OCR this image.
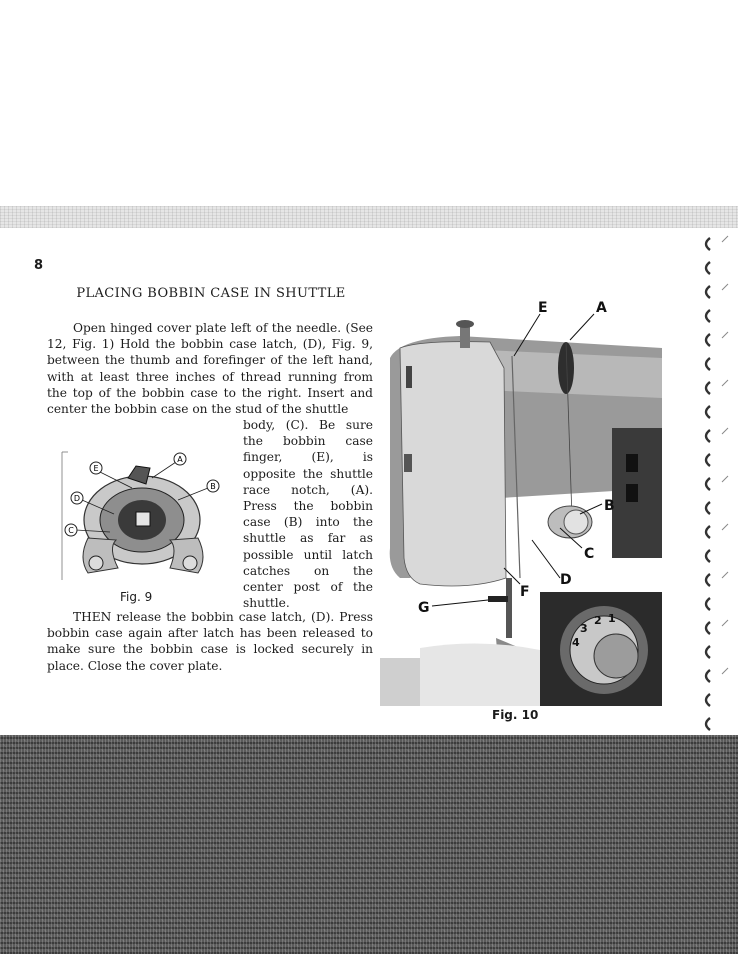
8
PLACING BOBBIN CASE IN SHUTTLE
Open hinged cover plate left of the needle. (See 12, Fig. 1) Hold the bobbin case latch, (D), Fig. 9, between the thumb and forefinger of the left hand, with at least three inches of thread running from the top of the bobbin case to the right. Insert and center the bobbin case on the stud of the shuttle
body, (C). Be sure the bobbin case finger, (E), is opposite the shuttle race notch, (A). Press the bobbin case (B) into the shuttle as far as possible until latch catches on the center post of the shuttle.
THEN release the bobbin case latch, (D). Press bobbin case again after latch has been released to make sure the bobbin case is locked securely in place. Close the cover plate.
E
A
B
D
C
Fig. 9
2 1
3
4
E	A
B
C
D
F
G
Fig. 10
